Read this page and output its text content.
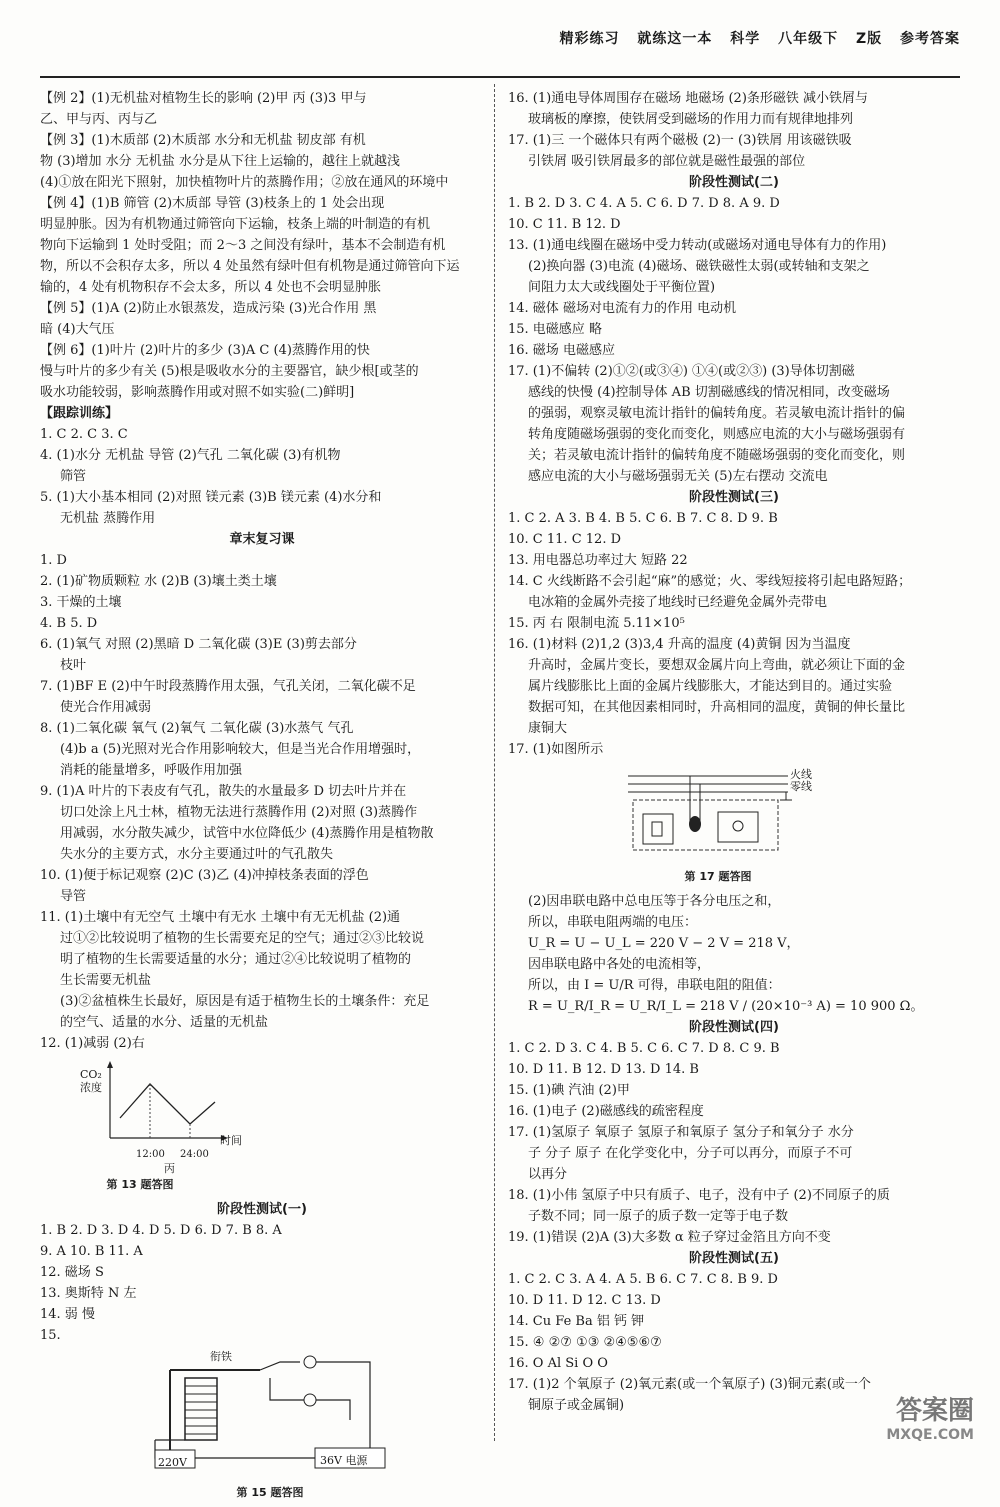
精彩练习 就练这一本 科学 八年级下 Z版 参考答案
【例 2】(1)无机盐对植物生长的影响 (2)甲 丙 (3)3 甲与
乙、甲与丙、丙与乙
【例 3】(1)木质部 (2)木质部 水分和无机盐 韧皮部 有机
物 (3)增加 水分 无机盐 水分是从下往上运输的，越往上就越浅
(4)①放在阳光下照射，加快植物叶片的蒸腾作用；②放在通风的环境中
【例 4】(1)B 筛管 (2)木质部 导管 (3)枝条上的 1 处会出现
明显肿胀。因为有机物通过筛管向下运输，枝条上端的叶制造的有机
物向下运输到 1 处时受阻；而 2～3 之间没有绿叶，基本不会制造有机
物，所以不会积存太多，所以 4 处虽然有绿叶但有机物是通过筛管向下运
输的，4 处有机物积存不会太多，所以 4 处也不会明显肿胀
【例 5】(1)A (2)防止水银蒸发，造成污染 (3)光合作用 黑
暗 (4)大气压
【例 6】(1)叶片 (2)叶片的多少 (3)A C (4)蒸腾作用的快
慢与叶片的多少有关 (5)根是吸收水分的主要器官，缺少根[或茎的
吸水功能较弱，影响蒸腾作用或对照不如实验(二)鲜明]
【跟踪训练】
1. C 2. C 3. C
4. (1)水分 无机盐 导管 (2)气孔 二氧化碳 (3)有机物
筛管
5. (1)大小基本相同 (2)对照 镁元素 (3)B 镁元素 (4)水分和
无机盐 蒸腾作用
章末复习课
1. D
2. (1)矿物质颗粒 水 (2)B (3)壤土类土壤
3. 干燥的土壤
4. B 5. D
6. (1)氧气 对照 (2)黑暗 D 二氧化碳 (3)E (3)剪去部分
枝叶
7. (1)BF E (2)中午时段蒸腾作用太强，气孔关闭，二氧化碳不足
使光合作用减弱
8. (1)二氧化碳 氧气 (2)氧气 二氧化碳 (3)水蒸气 气孔
(4)b a (5)光照对光合作用影响较大，但是当光合作用增强时，
消耗的能量增多，呼吸作用加强
9. (1)A 叶片的下表皮有气孔，散失的水量最多 D 切去叶片并在
切口处涂上凡士林，植物无法进行蒸腾作用 (2)对照 (3)蒸腾作
用减弱，水分散失减少，试管中水位降低少 (4)蒸腾作用是植物散
失水分的主要方式，水分主要通过叶的气孔散失
10. (1)便于标记观察 (2)C (3)乙 (4)冲掉枝条表面的浮色
导管
11. (1)土壤中有无空气 土壤中有无水 土壤中有无无机盐 (2)通
过①②比较说明了植物的生长需要充足的空气；通过②③比较说
明了植物的生长需要适量的水分；通过②④比较说明了植物的
生长需要无机盐
(3)②盆植株生长最好，原因是有适于植物生长的土壤条件：充足
的空气、适量的水分、适量的无机盐
12. (1)减弱 (2)右
CO₂浓度
时间
12:00 24:00
丙
第 13 题答图
阶段性测试(一)
1. B 2. D 3. D 4. D 5. D 6. D 7. B 8. A
9. A 10. B 11. A
12. 磁场 S
13. 奥斯特 N 左
14. 弱 慢
15.
衔铁
220V	36V 电源
第 15 题答图
16. (1)通电导体周围存在磁场 地磁场 (2)条形磁铁 减小铁屑与
玻璃板的摩擦，使铁屑受到磁场的作用力而有规律地排列
17. (1)三 一个磁体只有两个磁极 (2)一 (3)铁屑 用该磁铁吸
引铁屑 吸引铁屑最多的部位就是磁性最强的部位
阶段性测试(二)
1. B 2. D 3. C 4. A 5. C 6. D 7. D 8. A 9. D
10. C 11. B 12. D
13. (1)通电线圈在磁场中受力转动(或磁场对通电导体有力的作用)
(2)换向器 (3)电流 (4)磁场、磁铁磁性太弱(或转轴和支架之
间阻力太大或线圈处于平衡位置)
14. 磁体 磁场对电流有力的作用 电动机
15. 电磁感应 略
16. 磁场 电磁感应
17. (1)不偏转 (2)①②(或③④) ①④(或②③) (3)导体切割磁
感线的快慢 (4)控制导体 AB 切割磁感线的情况相同，改变磁场
的强弱，观察灵敏电流计指针的偏转角度。若灵敏电流计指针的偏
转角度随磁场强弱的变化而变化，则感应电流的大小与磁场强弱有
关；若灵敏电流计指针的偏转角度不随磁场强弱的变化而变化，则
感应电流的大小与磁场强弱无关 (5)左右摆动 交流电
阶段性测试(三)
1. C 2. A 3. B 4. B 5. C 6. B 7. C 8. D 9. B
10. C 11. C 12. D
13. 用电器总功率过大 短路 22
14. C 火线断路不会引起“麻”的感觉；火、零线短接将引起电路短路；
电冰箱的金属外壳接了地线时已经避免金属外壳带电
15. 丙 右 限制电流 5.11×10⁵
16. (1)材料 (2)1,2 (3)3,4 升高的温度 (4)黄铜 因为当温度
升高时，金属片变长，要想双金属片向上弯曲，就必须让下面的金
属片线膨胀比上面的金属片线膨胀大，才能达到目的。通过实验
数据可知，在其他因素相同时，升高相同的温度，黄铜的伸长量比
康铜大
17. (1)如图所示
火线
零线
第 17 题答图
(2)因串联电路中总电压等于各分电压之和，
所以，串联电阻两端的电压：
U_R = U − U_L = 220 V − 2 V = 218 V，
因串联电路中各处的电流相等，
所以，由 I = U/R 可得，串联电阻的阻值：
R = U_R/I_R = U_R/I_L = 218 V / (20×10⁻³ A) = 10 900 Ω。
阶段性测试(四)
1. C 2. D 3. C 4. B 5. C 6. C 7. D 8. C 9. B
10. D 11. B 12. D 13. D 14. B
15. (1)碘 汽油 (2)甲
16. (1)电子 (2)磁感线的疏密程度
17. (1)氢原子 氧原子 氢原子和氧原子 氢分子和氧分子 水分
子 分子 原子 在化学变化中，分子可以再分，而原子不可
以再分
18. (1)小伟 氢原子中只有质子、电子，没有中子 (2)不同原子的质
子数不同；同一原子的质子数一定等于电子数
19. (1)错误 (2)A (3)大多数 α 粒子穿过金箔且方向不变
阶段性测试(五)
1. C 2. C 3. A 4. A 5. B 6. C 7. C 8. B 9. D
10. D 11. D 12. C 13. D
14. Cu Fe Ba 铝 钙 钾
15. ④ ②⑦ ①③ ②④⑤⑥⑦
16. O Al Si O O
17. (1)2 个氧原子 (2)氧元素(或一个氧原子) (3)铜元素(或一个
铜原子或金属铜)	答案圈
MXQE.COM
